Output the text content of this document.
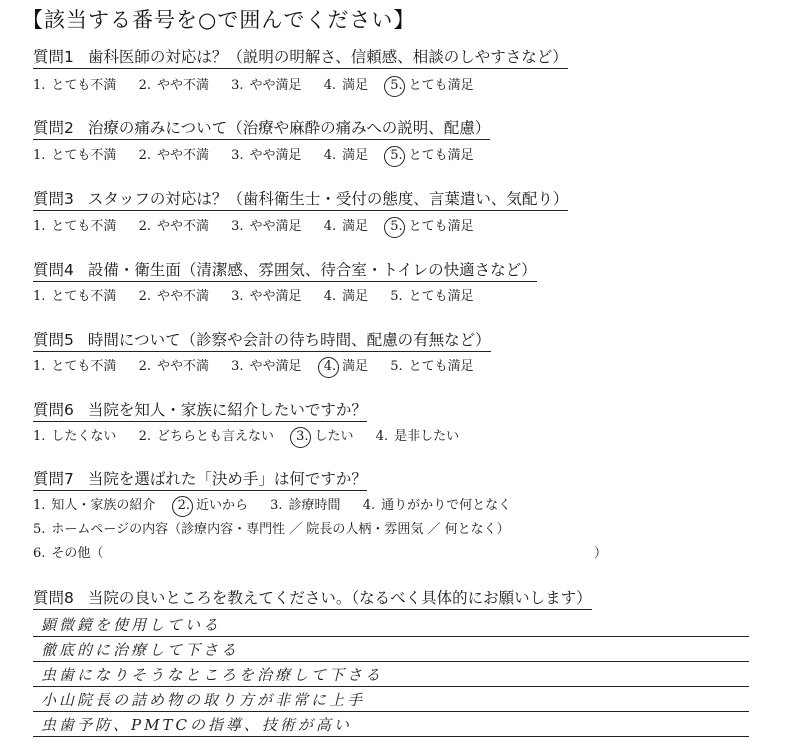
【該当する番号を○で囲んでください】
質問1 歯科医師の対応は？（説明の明解さ、信頼感、相談のしやすさなど）
1. とても不満 2. やや不満 3. やや満足 4. 満足 5. とても満足
質問2 治療の痛みについて（治療や麻酔の痛みへの説明、配慮）
1. とても不満 2. やや不満 3. やや満足 4. 満足 5. とても満足
質問3 スタッフの対応は？（歯科衛生士・受付の態度、言葉遣い、気配り）
1. とても不満 2. やや不満 3. やや満足 4. 満足 5. とても満足
質問4 設備・衛生面（清潔感、雰囲気、待合室・トイレの快適さなど）
1. とても不満 2. やや不満 3. やや満足 4. 満足 5. とても満足
質問5 時間について（診察や会計の待ち時間、配慮の有無など）
1. とても不満 2. やや不満 3. やや満足 4. 満足 5. とても満足
質問6 当院を知人・家族に紹介したいですか？
1. したくない 2. どちらとも言えない 3. したい 4. 是非したい
質問7 当院を選ばれた「決め手」は何ですか？
1. 知人・家族の紹介 2. 近いから 3. 診療時間 4. 通りがかりで何となく
5. ホームページの内容（診療内容・専門性 ／ 院長の人柄・雰囲気 ／ 何となく）
6. その他（	）
質問8 当院の良いところを教えてください。（なるべく具体的にお願いします）
顕微鏡を使用している
徹底的に治療して下さる
虫歯になりそうなところを治療して下さる
小山院長の詰め物の取り方が非常に上手
虫歯予防、PMTCの指導、技術が高い
